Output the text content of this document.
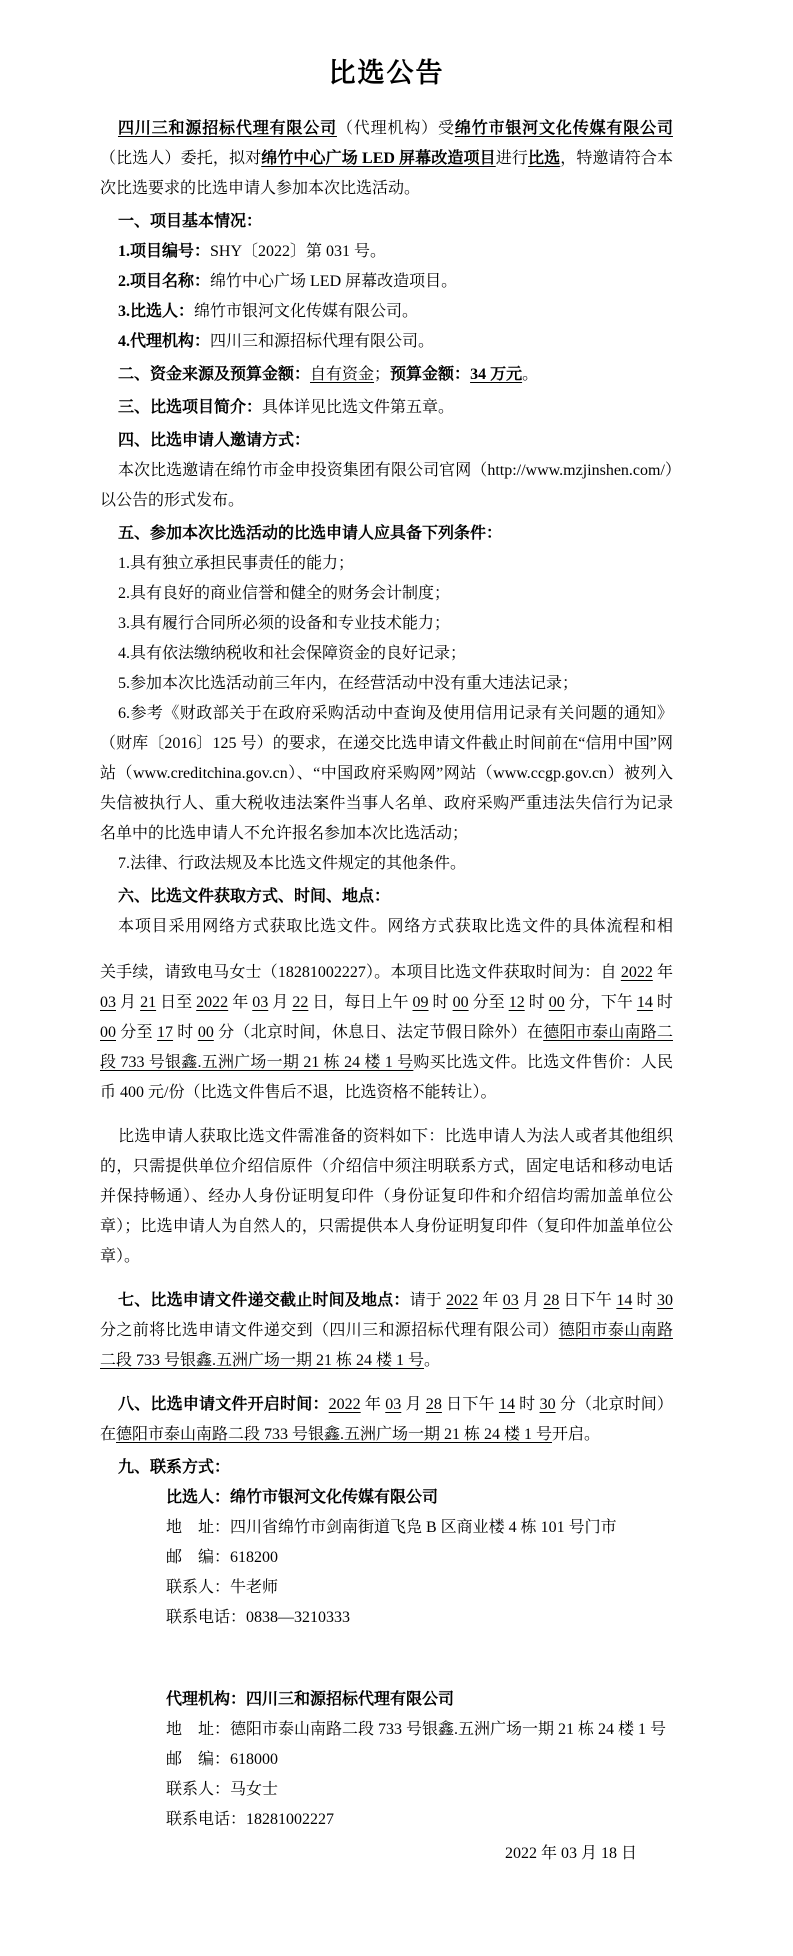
比选公告
四川三和源招标代理有限公司（代理机构）受绵竹市银河文化传媒有限公司（比选人）委托，拟对绵竹中心广场 LED 屏幕改造项目进行比选，特邀请符合本次比选要求的比选申请人参加本次比选活动。
一、项目基本情况：
1.项目编号：SHY〔2022〕第 031 号。
2.项目名称：绵竹中心广场 LED 屏幕改造项目。
3.比选人：绵竹市银河文化传媒有限公司。
4.代理机构：四川三和源招标代理有限公司。
二、资金来源及预算金额：自有资金；预算金额：34 万元。
三、比选项目简介：具体详见比选文件第五章。
四、比选申请人邀请方式：
本次比选邀请在绵竹市金申投资集团有限公司官网（http://www.mzjinshen.com/）以公告的形式发布。
五、参加本次比选活动的比选申请人应具备下列条件：
1.具有独立承担民事责任的能力；
2.具有良好的商业信誉和健全的财务会计制度；
3.具有履行合同所必须的设备和专业技术能力；
4.具有依法缴纳税收和社会保障资金的良好记录；
5.参加本次比选活动前三年内，在经营活动中没有重大违法记录；
6.参考《财政部关于在政府采购活动中查询及使用信用记录有关问题的通知》（财库〔2016〕125 号）的要求，在递交比选申请文件截止时间前在“信用中国”网站（www.creditchina.gov.cn）、“中国政府采购网”网站（www.ccgp.gov.cn）被列入失信被执行人、重大税收违法案件当事人名单、政府采购严重违法失信行为记录名单中的比选申请人不允许报名参加本次比选活动；
7.法律、行政法规及本比选文件规定的其他条件。
六、比选文件获取方式、时间、地点：
本项目采用网络方式获取比选文件。网络方式获取比选文件的具体流程和相
关手续，请致电马女士（18281002227）。本项目比选文件获取时间为：自 2022 年 03 月 21 日至 2022 年 03 月 22 日，每日上午 09 时 00 分至 12 时 00 分，下午 14 时 00 分至 17 时 00 分（北京时间，休息日、法定节假日除外）在德阳市泰山南路二段 733 号银鑫.五洲广场一期 21 栋 24 楼 1 号购买比选文件。比选文件售价：人民币 400 元/份（比选文件售后不退，比选资格不能转让）。
比选申请人获取比选文件需准备的资料如下：比选申请人为法人或者其他组织的，只需提供单位介绍信原件（介绍信中须注明联系方式，固定电话和移动电话并保持畅通）、经办人身份证明复印件（身份证复印件和介绍信均需加盖单位公章）；比选申请人为自然人的，只需提供本人身份证明复印件（复印件加盖单位公章）。
七、比选申请文件递交截止时间及地点：请于 2022 年 03 月 28 日下午 14 时 30 分之前将比选申请文件递交到（四川三和源招标代理有限公司）德阳市泰山南路二段 733 号银鑫.五洲广场一期 21 栋 24 楼 1 号。
八、比选申请文件开启时间：2022 年 03 月 28 日下午 14 时 30 分（北京时间）在德阳市泰山南路二段 733 号银鑫.五洲广场一期 21 栋 24 楼 1 号开启。
九、联系方式：
比选人：绵竹市银河文化传媒有限公司
地　址：四川省绵竹市剑南街道飞凫 B 区商业楼 4 栋 101 号门市
邮　编：618200
联系人：牛老师
联系电话：0838—3210333
代理机构：四川三和源招标代理有限公司
地　址：德阳市泰山南路二段 733 号银鑫.五洲广场一期 21 栋 24 楼 1 号
邮　编：618000
联系人：马女士
联系电话：18281002227
2022 年 03 月 18 日
